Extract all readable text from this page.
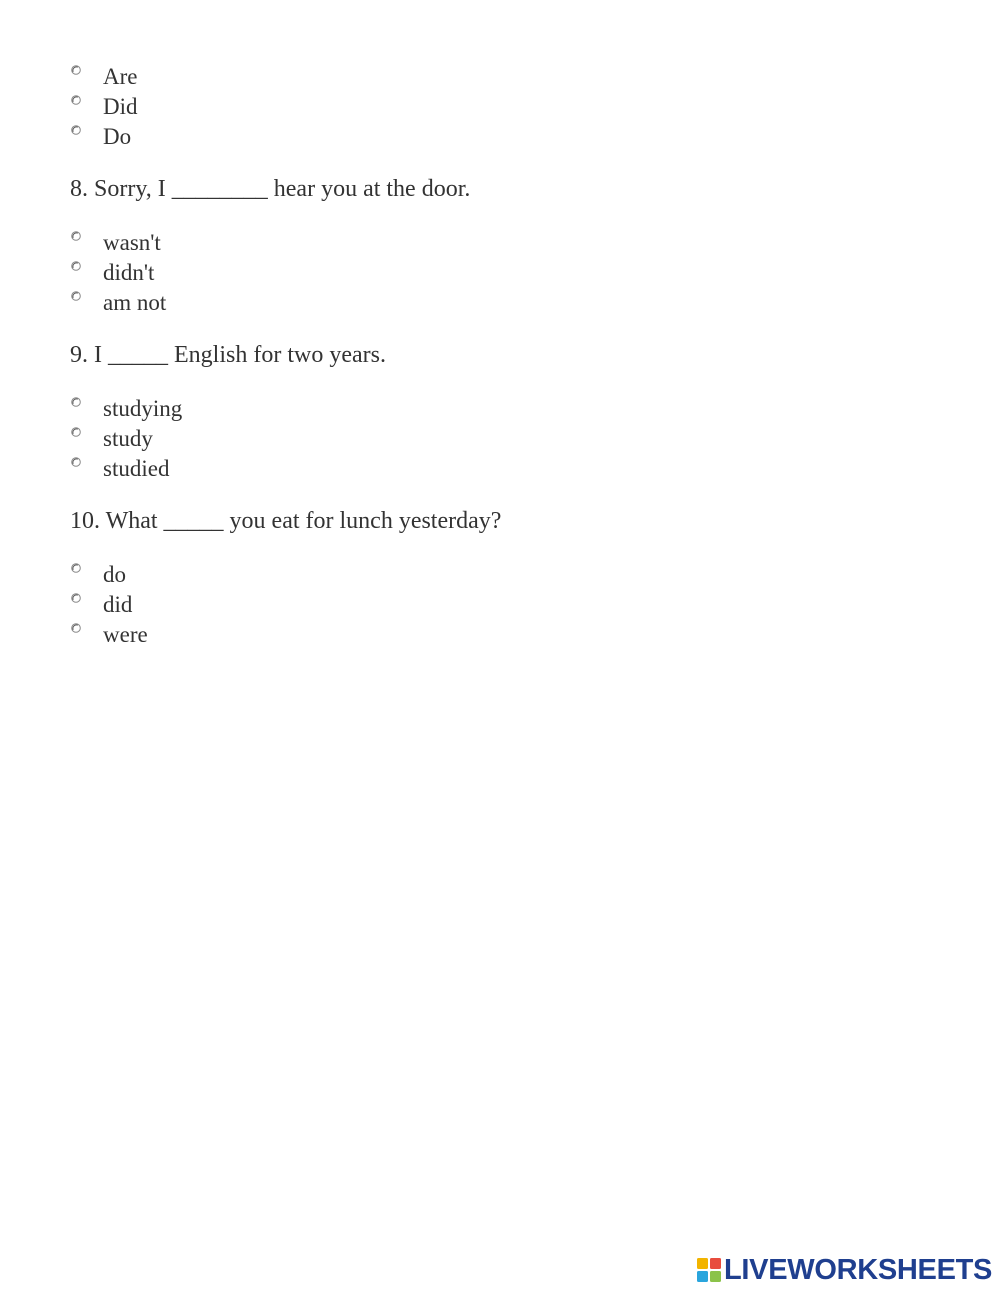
Are
Did
Do
8. Sorry, I ________ hear you at the door.
wasn't
didn't
am not
9. I _____ English for two years.
studying
study
studied
10. What _____ you eat for lunch yesterday?
do
did
were
LIVEWORKSHEETS
